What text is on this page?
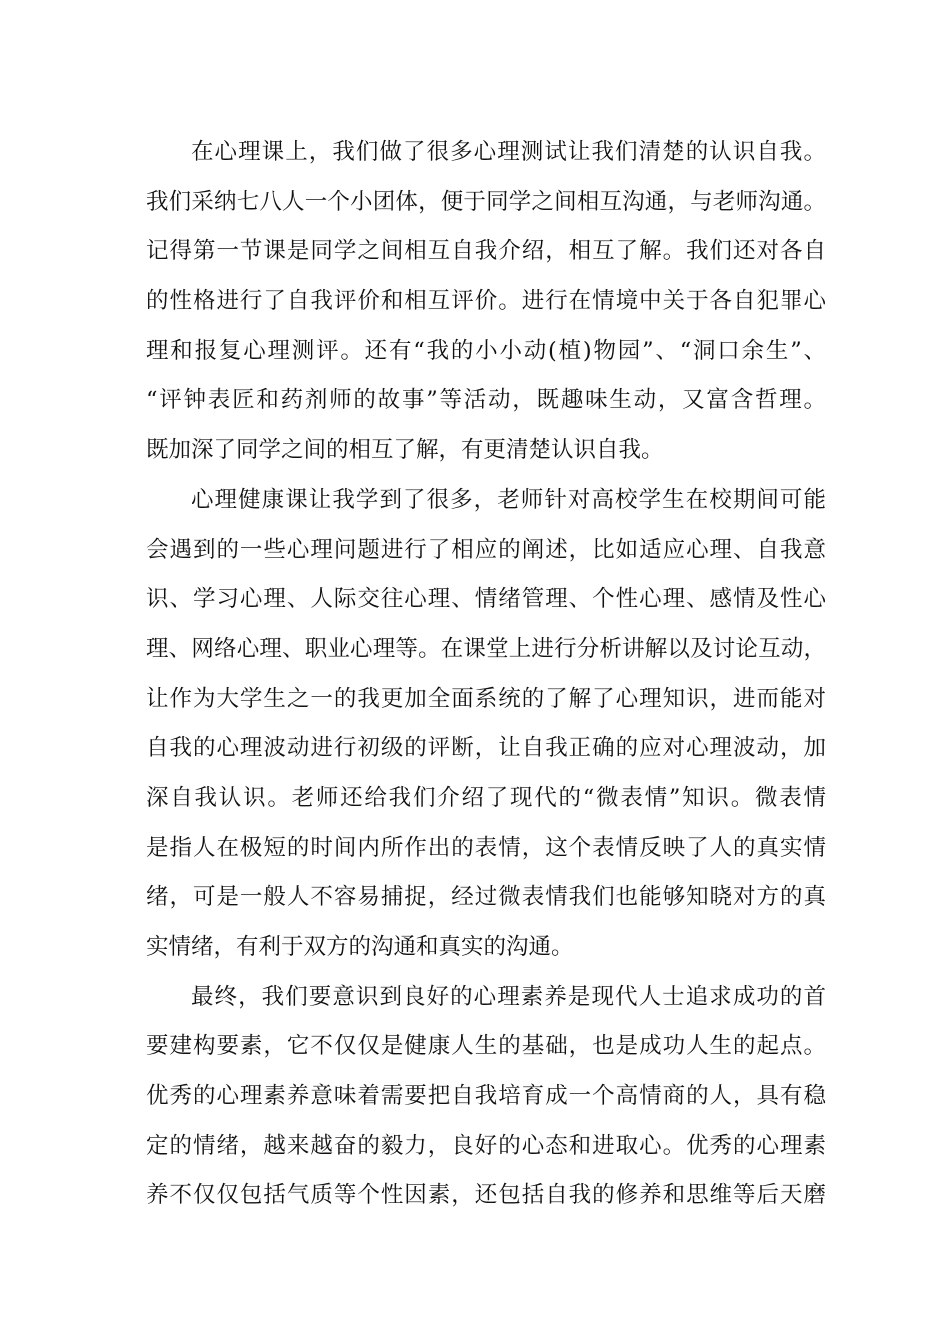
在心理课上，我们做了很多心理测试让我们清楚的认识自我。
我们采纳七八人一个小团体，便于同学之间相互沟通，与老师沟通。
记得第一节课是同学之间相互自我介绍，相互了解。我们还对各自
的性格进行了自我评价和相互评价。进行在情境中关于各自犯罪心
理和报复心理测评。还有“我的小小动(植)物园”、“洞口余生”、
“评钟表匠和药剂师的故事”等活动，既趣味生动，又富含哲理。
既加深了同学之间的相互了解，有更清楚认识自我。
心理健康课让我学到了很多，老师针对高校学生在校期间可能
会遇到的一些心理问题进行了相应的阐述，比如适应心理、自我意
识、学习心理、人际交往心理、情绪管理、个性心理、感情及性心
理、网络心理、职业心理等。在课堂上进行分析讲解以及讨论互动，
让作为大学生之一的我更加全面系统的了解了心理知识，进而能对
自我的心理波动进行初级的评断，让自我正确的应对心理波动，加
深自我认识。老师还给我们介绍了现代的“微表情”知识。微表情
是指人在极短的时间内所作出的表情，这个表情反映了人的真实情
绪，可是一般人不容易捕捉，经过微表情我们也能够知晓对方的真
实情绪，有利于双方的沟通和真实的沟通。
最终，我们要意识到良好的心理素养是现代人士追求成功的首
要建构要素，它不仅仅是健康人生的基础，也是成功人生的起点。
优秀的心理素养意味着需要把自我培育成一个高情商的人，具有稳
定的情绪，越来越奋的毅力，良好的心态和进取心。优秀的心理素
养不仅仅包括气质等个性因素，还包括自我的修养和思维等后天磨
